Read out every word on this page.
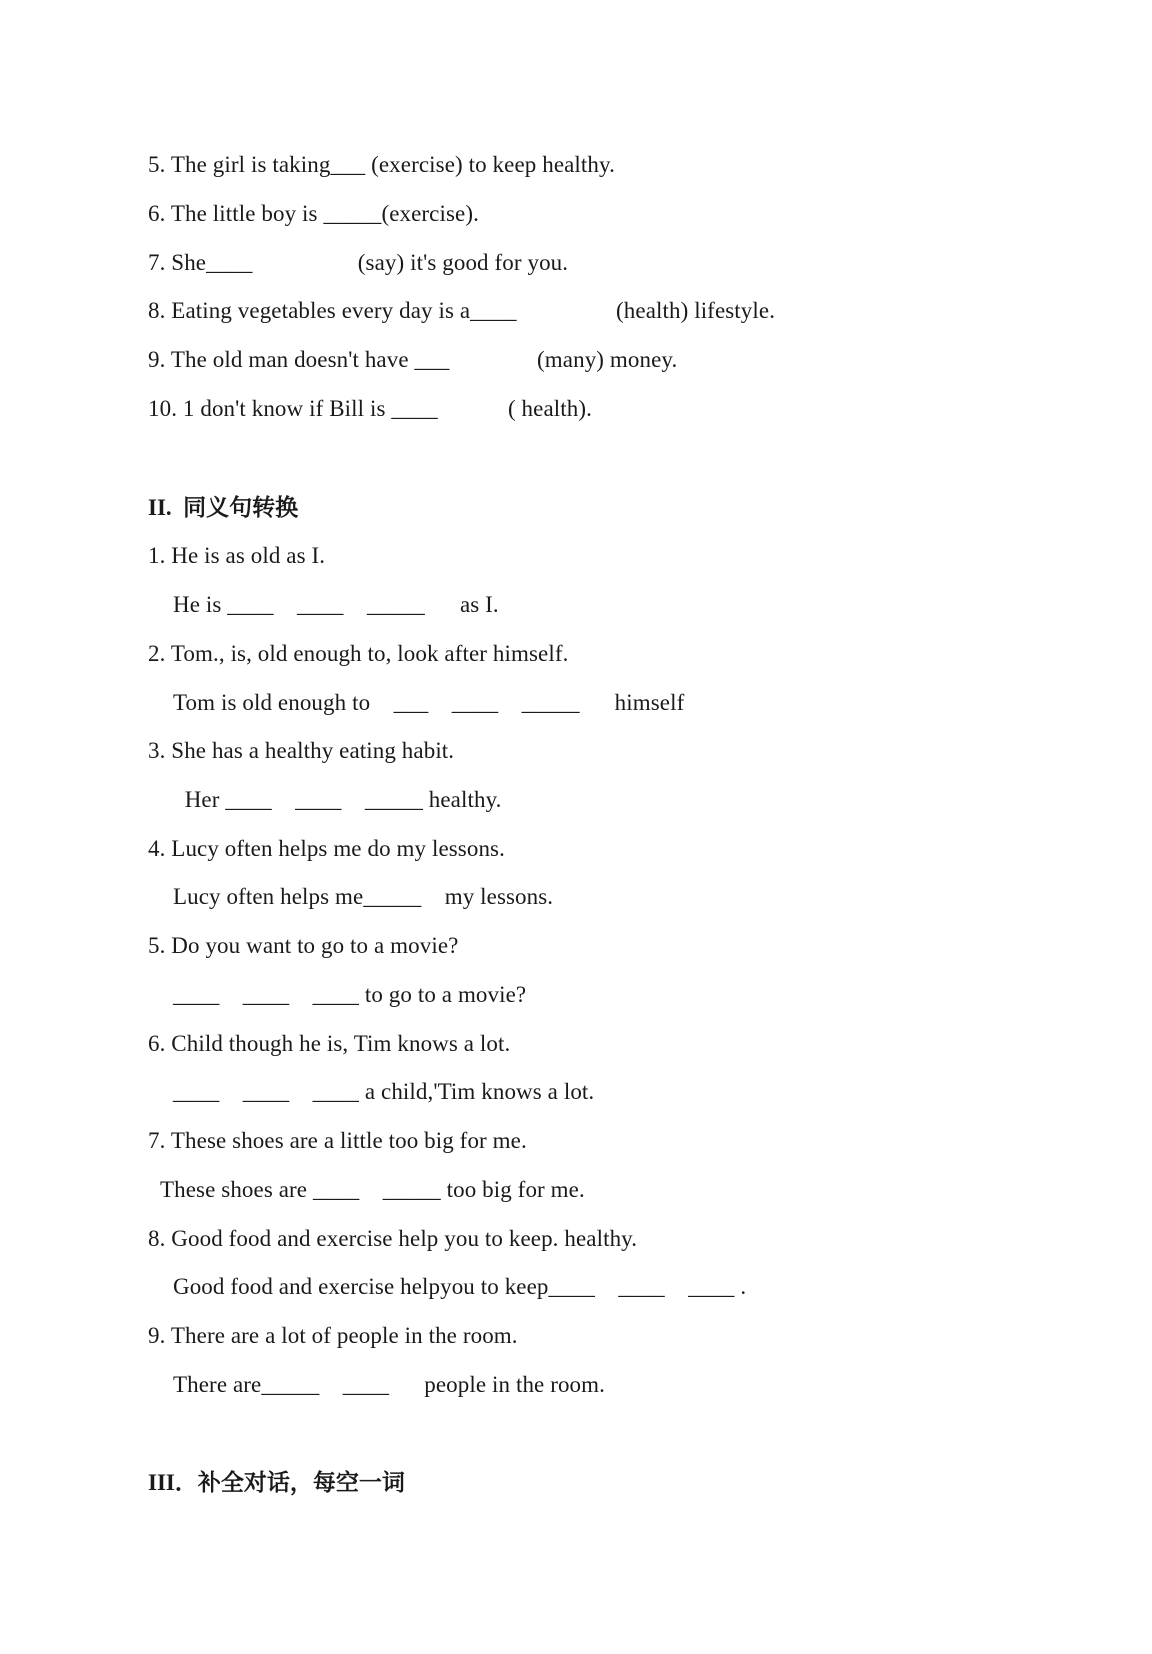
5. The girl is taking___ (exercise) to keep healthy.
6. The little boy is _____(exercise).
7. She____                  (say) it's good for you.
8. Eating vegetables every day is a____                 (health) lifestyle.
9. The old man doesn't have ___               (many) money.
10. 1 don't know if Bill is ____            ( health).
II.  同义句转换
1. He is as old as I.
He is ____    ____    _____      as I.
2. Tom., is, old enough to, look after himself.
Tom is old enough to    ___    ____    _____      himself
3. She has a healthy eating habit.
Her ____    ____    _____ healthy.
4. Lucy often helps me do my lessons.
Lucy often helps me_____    my lessons.
5. Do you want to go to a movie?
____    ____    ____ to go to a movie?
6. Child though he is, Tim knows a lot.
____    ____    ____ a child,'Tim knows a lot.
7. These shoes are a little too big for me.
These shoes are ____    _____ too big for me.
8. Good food and exercise help you to keep. healthy.
Good food and exercise helpyou to keep____    ____    ____ .
9. There are a lot of people in the room.
There are_____    ____      people in the room.
III．补全对话，每空一词
